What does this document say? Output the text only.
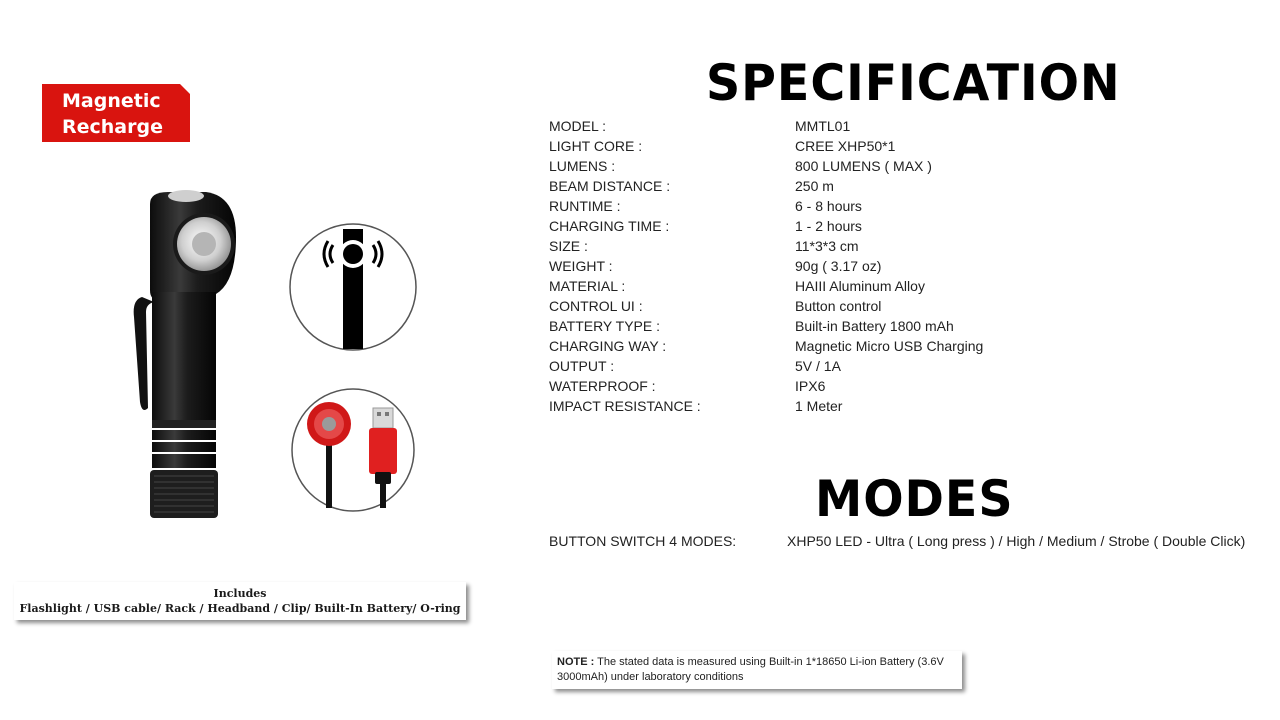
Magnetic
Recharge
Includes
Flashlight / USB cable/ Rack / Headband / Clip/ Built-In Battery/ O-ring
SPECIFICATION
MODEL :	MMTL01
LIGHT CORE :	CREE XHP50*1
LUMENS :	800 LUMENS ( MAX )
BEAM DISTANCE :	250 m
RUNTIME :	6 - 8 hours
CHARGING TIME :	1 - 2 hours
SIZE :	11*3*3 cm
WEIGHT :	90g ( 3.17 oz)
MATERIAL :	HAIII Aluminum Alloy
CONTROL UI :	Button control
BATTERY TYPE :	Built-in Battery 1800 mAh
CHARGING WAY :	Magnetic Micro USB Charging
OUTPUT :	5V / 1A
WATERPROOF :	IPX6
IMPACT RESISTANCE :	1 Meter
MODES
BUTTON SWITCH 4 MODES:	XHP50 LED - Ultra ( Long press ) / High / Medium / Strobe ( Double Click)
NOTE : The stated data is measured using Built-in 1*18650 Li-ion Battery (3.6V 3000mAh) under laboratory conditions
